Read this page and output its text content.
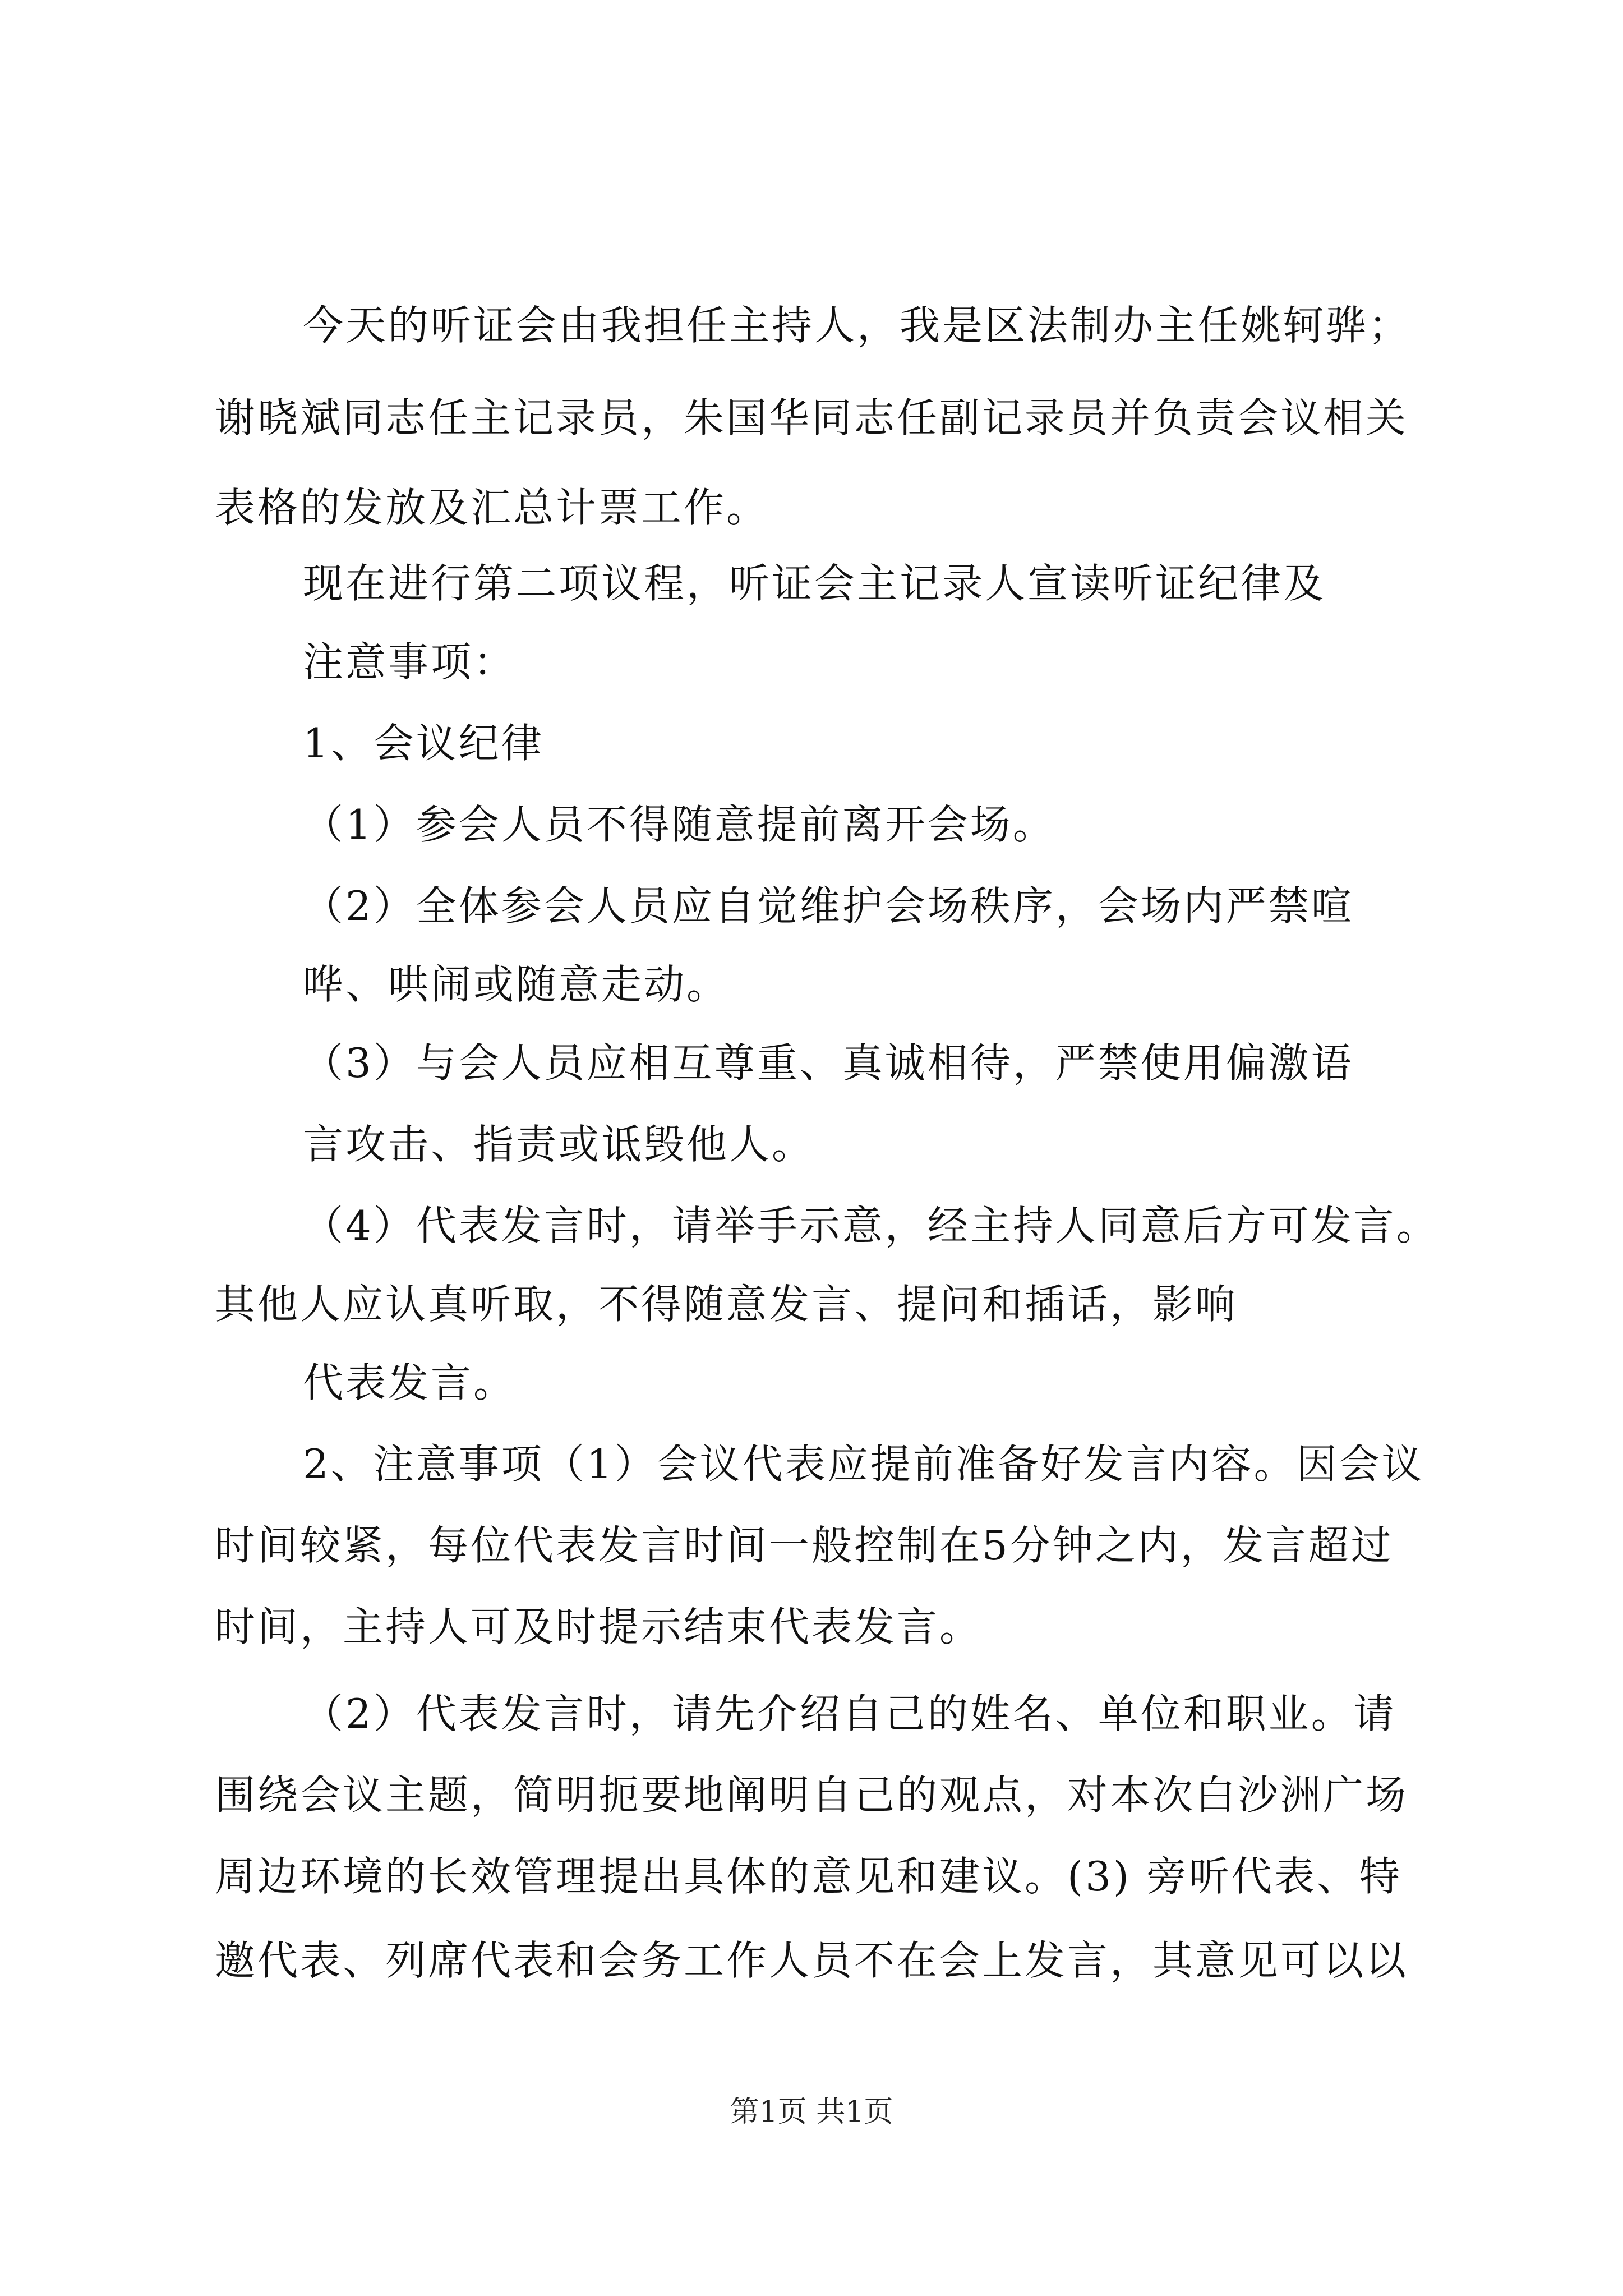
今天的听证会由我担任主持人，我是区法制办主任姚轲骅；
谢晓斌同志任主记录员，朱国华同志任副记录员并负责会议相关
表格的发放及汇总计票工作。
现在进行第二项议程，听证会主记录人宣读听证纪律及
注意事项：
1、会议纪律
（1）参会人员不得随意提前离开会场。
（2）全体参会人员应自觉维护会场秩序，会场内严禁喧
哗、哄闹或随意走动。
（3）与会人员应相互尊重、真诚相待，严禁使用偏激语
言攻击、指责或诋毁他人。
（4）代表发言时，请举手示意，经主持人同意后方可发言。
其他人应认真听取，不得随意发言、提问和插话，影响
代表发言。
2、注意事项（1）会议代表应提前准备好发言内容。因会议
时间较紧，每位代表发言时间一般控制在5分钟之内，发言超过
时间，主持人可及时提示结束代表发言。
（2）代表发言时，请先介绍自己的姓名、单位和职业。请
围绕会议主题，简明扼要地阐明自己的观点，对本次白沙洲广场
周边环境的长效管理提出具体的意见和建议。(3) 旁听代表、特
邀代表、列席代表和会务工作人员不在会上发言，其意见可以以
第1页 共1页
